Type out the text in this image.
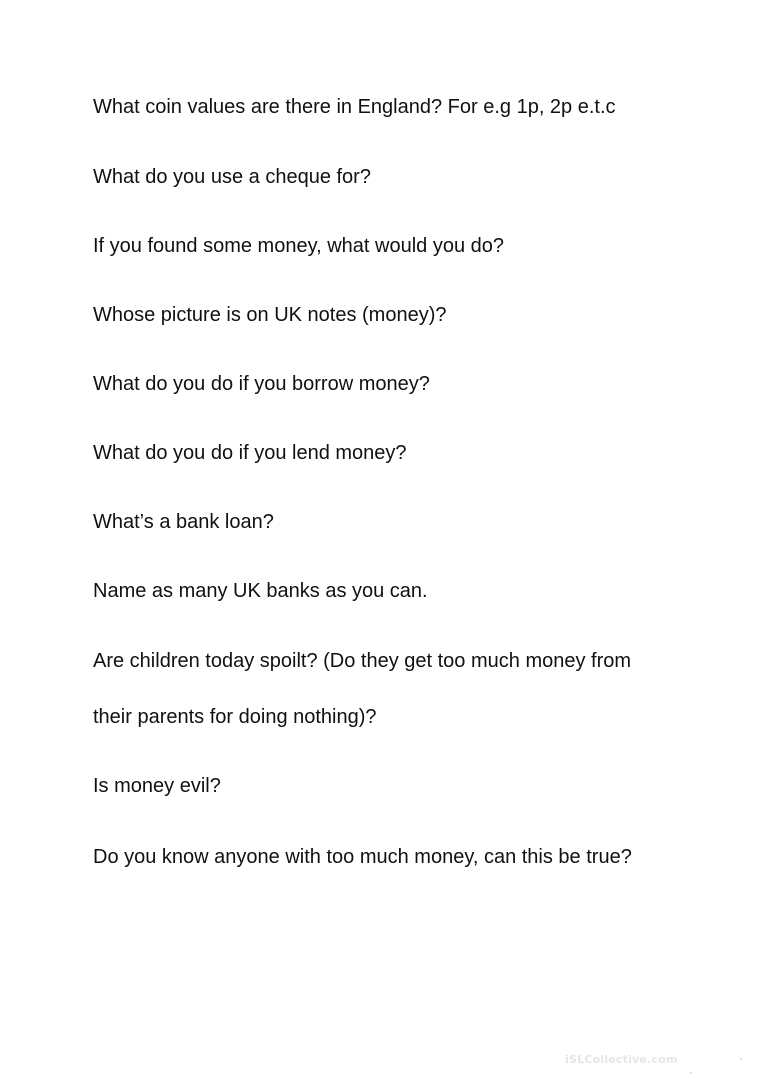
What coin values are there in England? For e.g 1p, 2p e.t.c

What do you use a cheque for?

If you found some money, what would you do?

Whose picture is on UK notes (money)?

What do you do if you borrow money?

What do you do if you lend money?

What’s a bank loan?

Name as many UK banks as you can.

Are children today spoilt? (Do they get too much money from

their parents for doing nothing)?

Is money evil?

Do you know anyone with too much money, can this be true?

iSLCollective.com
